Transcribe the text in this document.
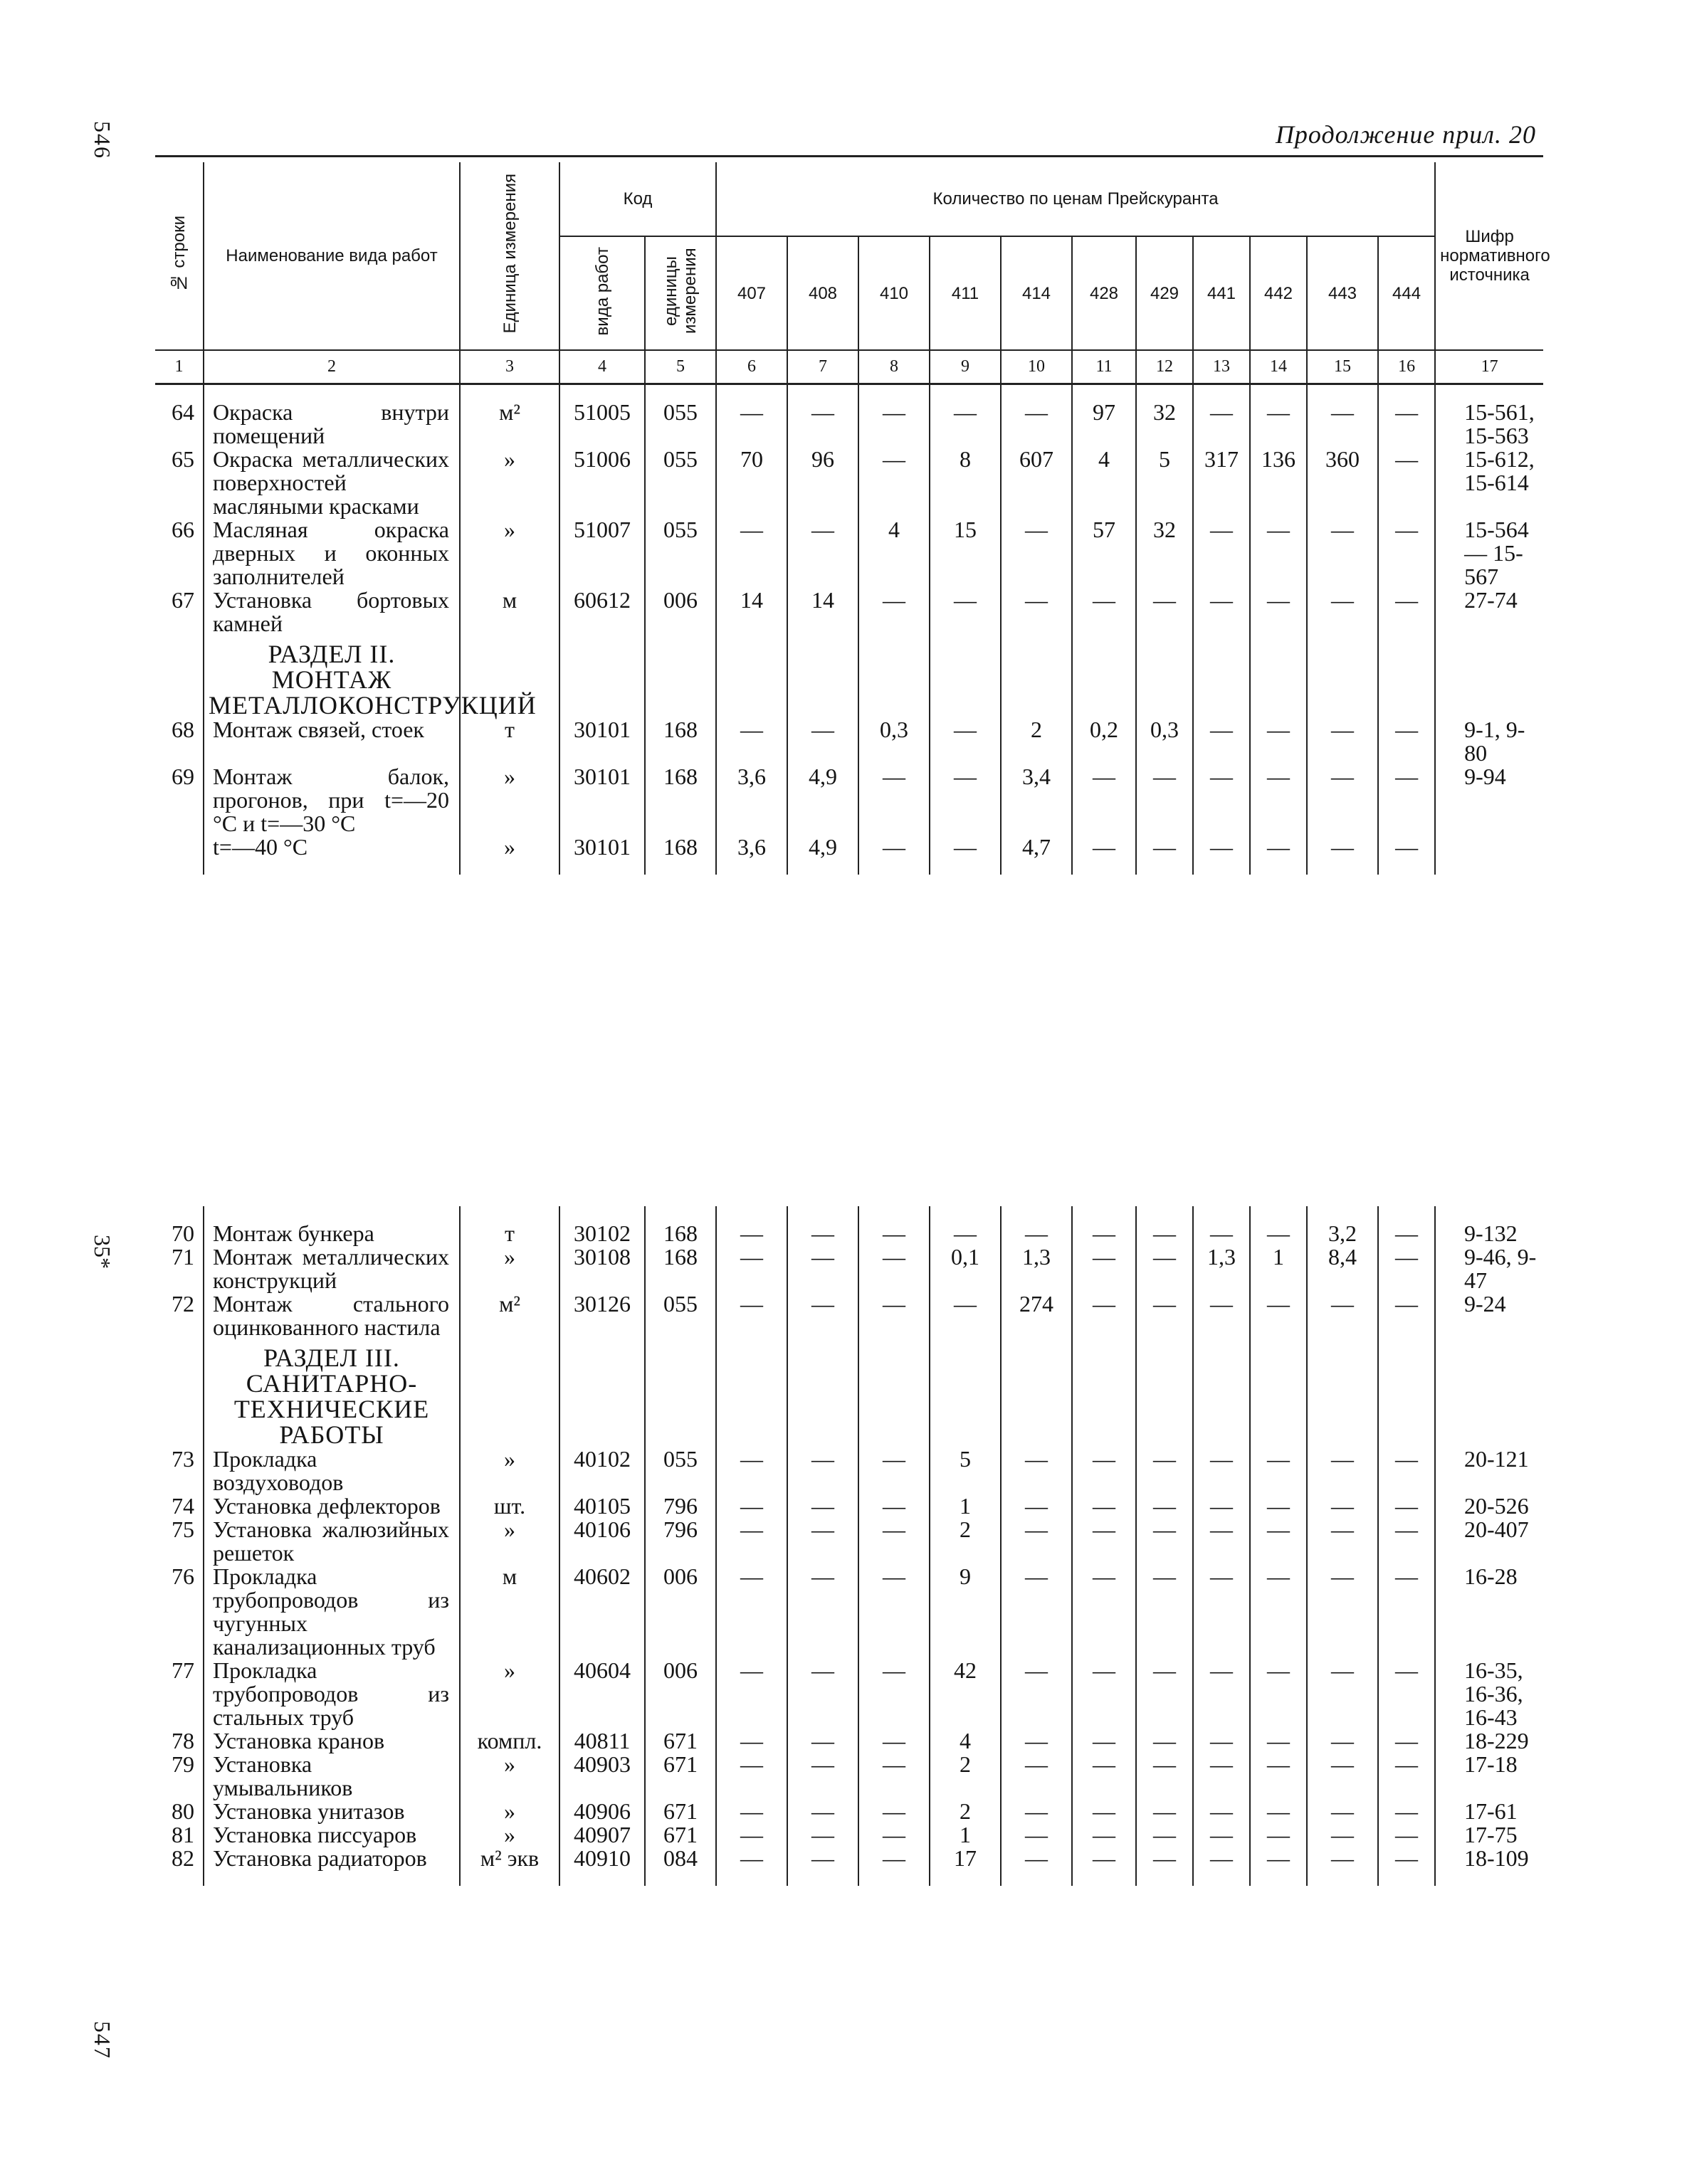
546
35*
547
Продолжение прил. 20
№ строки	Наименование вида работ	Единица измерения	Код		Количество по ценам Прейскуранта											Шифр нормативного источника
			вида работ	единицы измерения	407	408	410	411	414	428	429	441	442	443	444	
1	2	3	4	5	6	7	8	9	10	11	12	13	14	15	16	17

64	Окраска внутри помещений	м²	51005	055	—	—	—	—	—	97	32	—	—	—	—	15-561, 15-563
65	Окраска металлических поверхностей масляными красками	»	51006	055	70	96	—	8	607	4	5	317	136	360	—	15-612, 15-614
66	Масляная окраска дверных и оконных заполнителей	»	51007	055	—	—	4	15	—	57	32	—	—	—	—	15-564— 15-567
67	Установка бортовых камней	м	60612	006	14	14	—	—	—	—	—	—	—	—	—	27-74
	РАЗДЕЛ II. МОНТАЖ МЕТАЛЛОКОНСТРУКЦИЙ															
68	Монтаж связей, стоек	т	30101	168	—	—	0,3	—	2	0,2	0,3	—	—	—	—	9-1, 9-80
69	Монтаж балок, прогонов, при t=—20 °С и t=—30 °С	»	30101	168	3,6	4,9	—	—	3,4	—	—	—	—	—	—	9-94
	t=—40 °С	»	30101	168	3,6	4,9	—	—	4,7	—	—	—	—	—	—	

70	Монтаж бункера	т	30102	168	—	—	—	—	—	—	—	—	—	3,2	—	9-132
71	Монтаж металлических конструкций	»	30108	168	—	—	—	0,1	1,3	—	—	1,3	1	8,4	—	9-46, 9-47
72	Монтаж стального оцинкованного настила	м²	30126	055	—	—	—	—	274	—	—	—	—	—	—	9-24
	РАЗДЕЛ III. САНИТАРНО-ТЕХНИЧЕСКИЕ РАБОТЫ															
73	Прокладка воздуховодов	»	40102	055	—	—	—	5	—	—	—	—	—	—	—	20-121
74	Установка дефлекторов	шт.	40105	796	—	—	—	1	—	—	—	—	—	—	—	20-526
75	Установка жалюзийных решеток	»	40106	796	—	—	—	2	—	—	—	—	—	—	—	20-407
76	Прокладка трубопроводов из чугунных канализационных труб	м	40602	006	—	—	—	9	—	—	—	—	—	—	—	16-28
77	Прокладка трубопроводов из стальных труб	»	40604	006	—	—	—	42	—	—	—	—	—	—	—	16-35, 16-36, 16-43
78	Установка кранов	компл.	40811	671	—	—	—	4	—	—	—	—	—	—	—	18-229
79	Установка умывальников	»	40903	671	—	—	—	2	—	—	—	—	—	—	—	17-18
80	Установка унитазов	»	40906	671	—	—	—	2	—	—	—	—	—	—	—	17-61
81	Установка писсуаров	»	40907	671	—	—	—	1	—	—	—	—	—	—	—	17-75
82	Установка радиаторов	м² экв	40910	084	—	—	—	17	—	—	—	—	—	—	—	18-109
